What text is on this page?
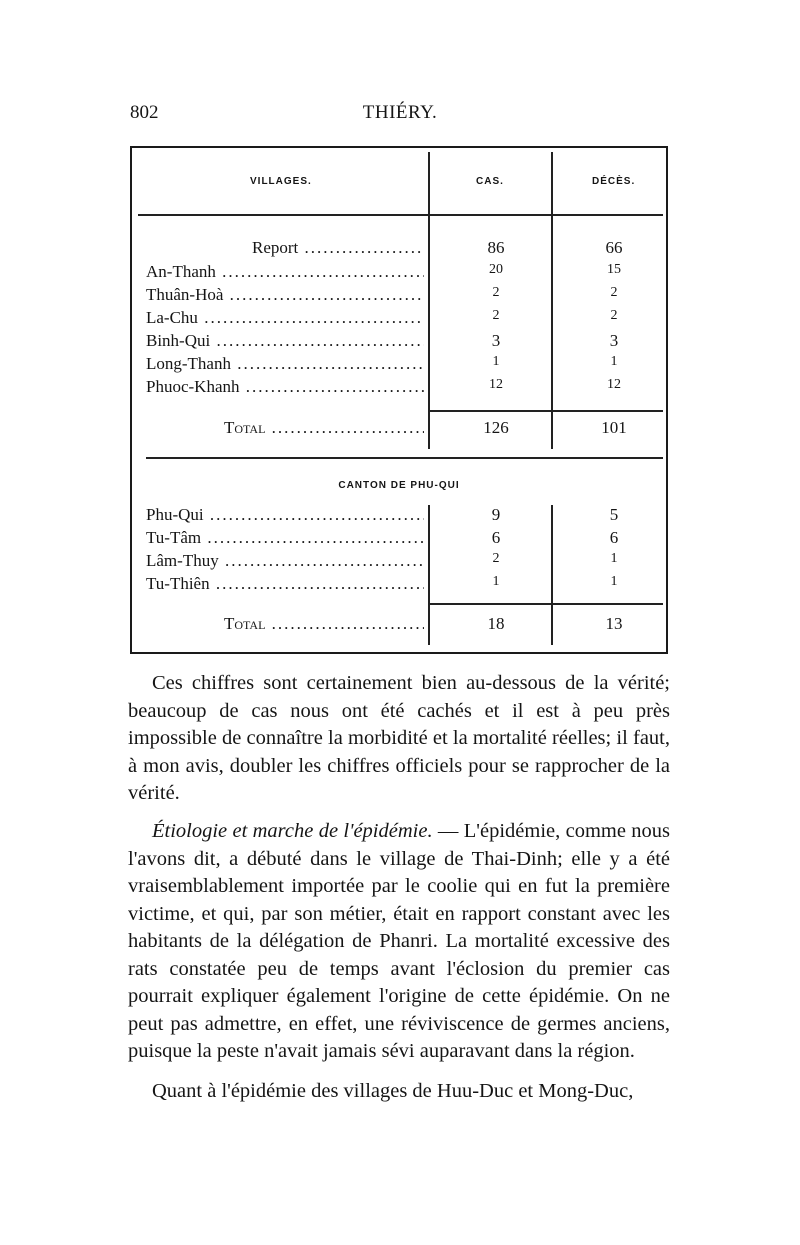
802	THIÉRY.
VILLAGES.	CAS.	DÉCÈS.
Report .....	86	66
An-Thanh .....	20	15
Thuân-Hoà .....	2	2
La-Chu .....	2	2
Binh-Qui .....	3	3
Long-Thanh .....	1	1
Phuoc-Khanh .....	12	12
Total .....	126	101
CANTON DE PHU-QUI
Phu-Qui .....	9	5
Tu-Tâm .....	6	6
Lâm-Thuy .....	2	1
Tu-Thiên .....	1	1
Total .....	18	13

Ces chiffres sont certainement bien au-dessous de la vérité; beaucoup de cas nous ont été cachés et il est à peu près impossible de connaître la morbidité et la mortalité réelles; il faut, à mon avis, doubler les chiffres officiels pour se rapprocher de la vérité.

Étiologie et marche de l'épidémie. — L'épidémie, comme nous l'avons dit, a débuté dans le village de Thai-Dinh; elle y a été vraisemblablement importée par le coolie qui en fut la première victime, et qui, par son métier, était en rapport constant avec les habitants de la délégation de Phanri. La mortalité excessive des rats constatée peu de temps avant l'éclosion du premier cas pourrait expliquer également l'origine de cette épidémie. On ne peut pas admettre, en effet, une réviviscence de germes anciens, puisque la peste n'avait jamais sévi auparavant dans la région.

Quant à l'épidémie des villages de Huu-Duc et Mong-Duc,
